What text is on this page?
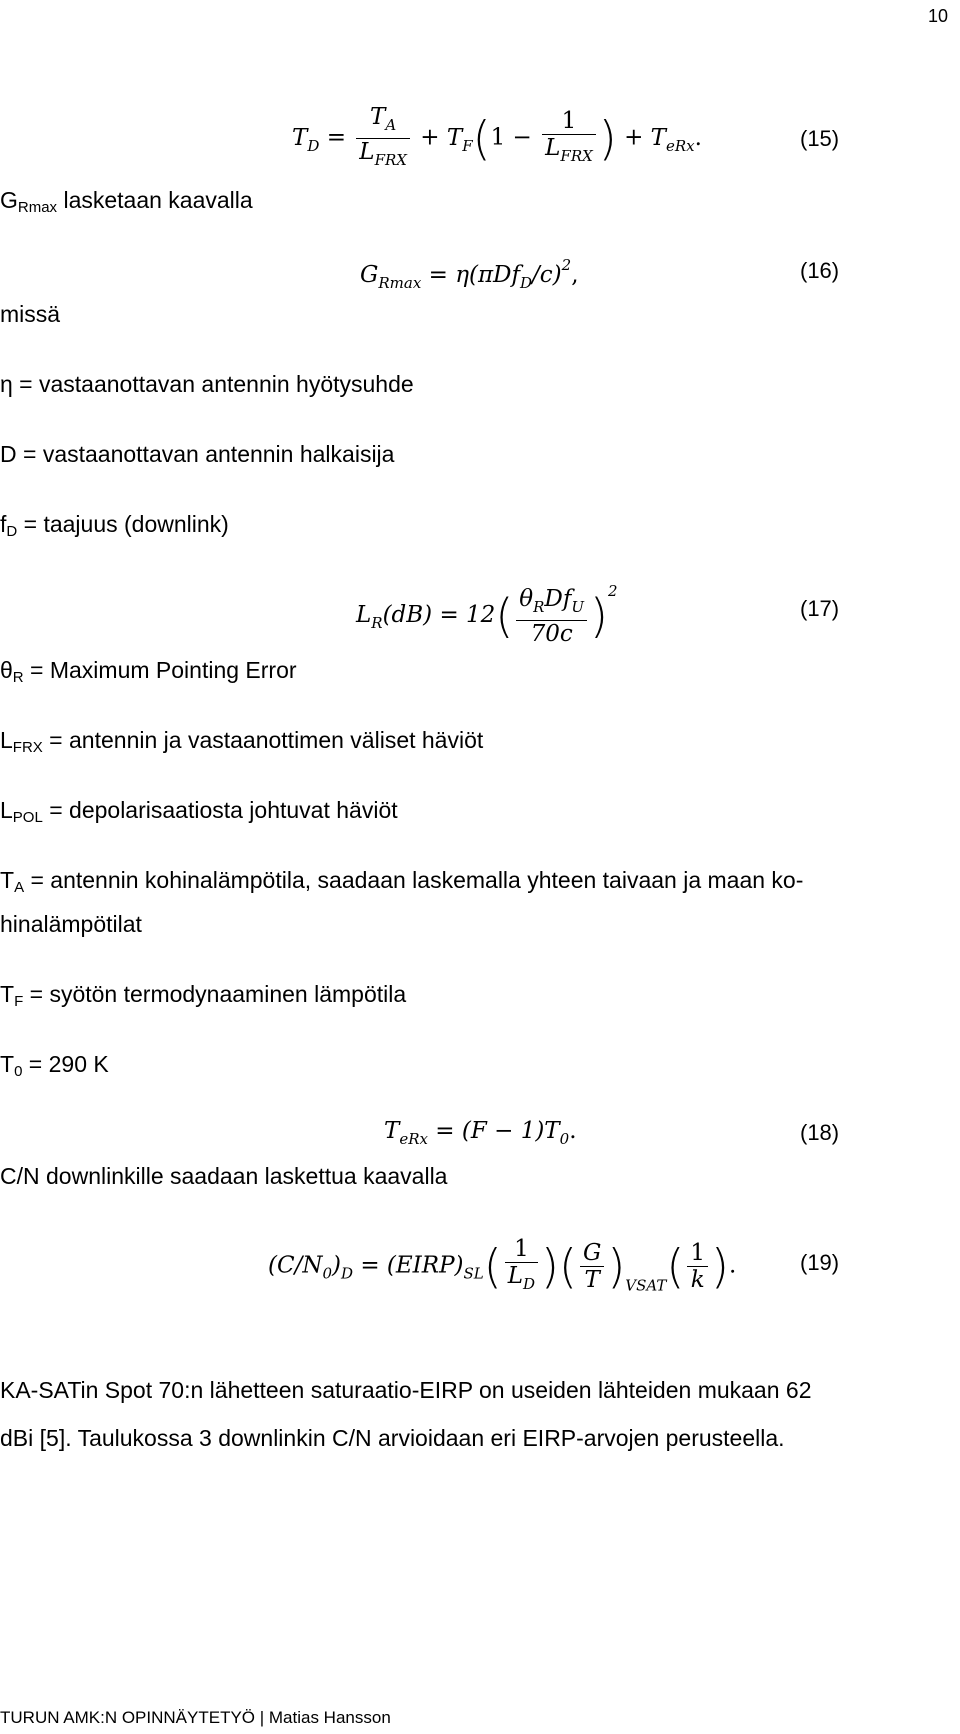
10
$T_D = \frac{T_A}{L_{FRX}} + T_F(1 - \frac{1}{L_{FRX}}$ ) + $T_{eRx}$.	(15)
$G_{Rmax}$ lasketaan kaavalla
$G_{Rmax} = \eta(\pi Df_D/c)^2$,	(16)
missä
η = vastaanottavan antennin hyötysuhde
D = vastaanottavan antennin halkaisija
$f_D$ = taajuus (downlink)
$L_R(dB) = 12( \frac{\theta_RDf_U}{70c} )^2$
(17)
$\theta_R$ = Maximum Pointing Error
$L_{FRX}$ = antennin ja vastaanottimen väliset häviöt
$L_{POL}$ = depolarisaatiosta johtuvat häviöt
$T_A$ = antennin kohinalämpötila, saadaan laskemalla yhteen taivaan ja maan ko-
hinalämpötilat
$T_F$ = syötön termodynaaminen lämpötila
$T_0 = 290$ K
$T_{eRx} = (F - 1)T_0$.	(18)
C/N downlinkille saadaan laskettua kaavalla
$(C/N_0)_D$ = $(EIRP)_{SL}( \frac{1}{L_D}$ )( $\frac{G}{T} )_{VSAT}( \frac{1}{k}$ ).	(19)
KA-SATin Spot 70:n lähetteen saturaatio-EIRP on useiden lähteiden mukaan 62
dBi [5]. Taulukossa 3 downlinkin C/N arvioidaan eri EIRP-arvojen perusteella.
TURUN AMK:N OPINNÄYTETYÖ | Matias Hansson
